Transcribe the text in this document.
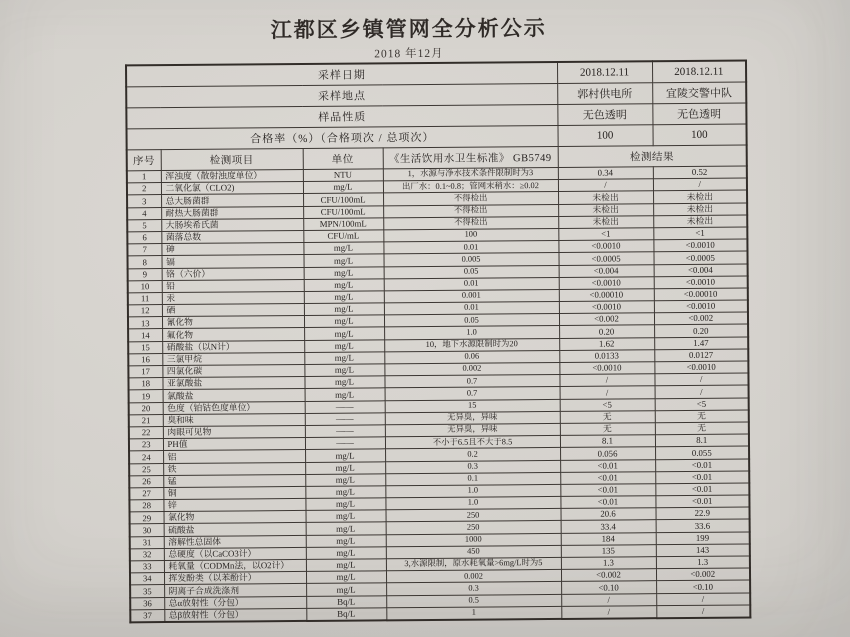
江都区乡镇管网全分析公示
2018 年12月
采样日期				2018.12.11	2018.12.11
采样地点				郭村供电所	宜陵交警中队
样品性质				无色透明	无色透明
合格率（%）（合格项次 / 总项次）				100	100
序号	检测项目	单位	《生活饮用水卫生标准》 GB5749	检测结果	
1	浑浊度（散射浊度单位）	NTU	1，水源与净水技术条件限制时为3	0.34	0.52
2	二氧化氯（CLO2)	mg/L	出厂水：0.1~0.8；管网末稍水：≥0.02	/	/
3	总大肠菌群	CFU/100mL	不得检出	未检出	未检出
4	耐热大肠菌群	CFU/100mL	不得检出	未检出	未检出
5	大肠埃希氏菌	MPN/100mL	不得检出	未检出	未检出
6	菌落总数	CFU/mL	100	<1	<1
7	砷	mg/L	0.01	<0.0010	<0.0010
8	镉	mg/L	0.005	<0.0005	<0.0005
9	铬（六价）	mg/L	0.05	<0.004	<0.004
10	铅	mg/L	0.01	<0.0010	<0.0010
11	汞	mg/L	0.001	<0.00010	<0.00010
12	硒	mg/L	0.01	<0.0010	<0.0010
13	氰化物	mg/L	0.05	<0.002	<0.002
14	氟化物	mg/L	1.0	0.20	0.20
15	硝酸盐（以N计）	mg/L	10，地下水源限制时为20	1.62	1.47
16	三氯甲烷	mg/L	0.06	0.0133	0.0127
17	四氯化碳	mg/L	0.002	<0.0010	<0.0010
18	亚氯酸盐	mg/L	0.7	/	/
19	氯酸盐	mg/L	0.7	/	/
20	色度（铂钴色度单位）	——	15	<5	<5
21	臭和味	——	无异臭，异味	无	无
22	肉眼可见物	——	无异臭，异味	无	无
23	PH值	——	不小于6.5且不大于8.5	8.1	8.1
24	铝	mg/L	0.2	0.056	0.055
25	铁	mg/L	0.3	<0.01	<0.01
26	锰	mg/L	0.1	<0.01	<0.01
27	铜	mg/L	1.0	<0.01	<0.01
28	锌	mg/L	1.0	<0.01	<0.01
29	氯化物	mg/L	250	20.6	22.9
30	硫酸盐	mg/L	250	33.4	33.6
31	溶解性总固体	mg/L	1000	184	199
32	总硬度（以CaCO3计）	mg/L	450	135	143
33	耗氧量（CODMn法，以O2计）	mg/L	3,水源限制，原水耗氧量>6mg/L时为5	1.3	1.3
34	挥发酚类（以苯酚计）	mg/L	0.002	<0.002	<0.002
35	阴离子合成洗涤剂	mg/L	0.3	<0.10	<0.10
36	总α放射性（分包）	Bq/L	0.5	/	/
37	总β放射性（分包）	Bq/L	1	/	/
